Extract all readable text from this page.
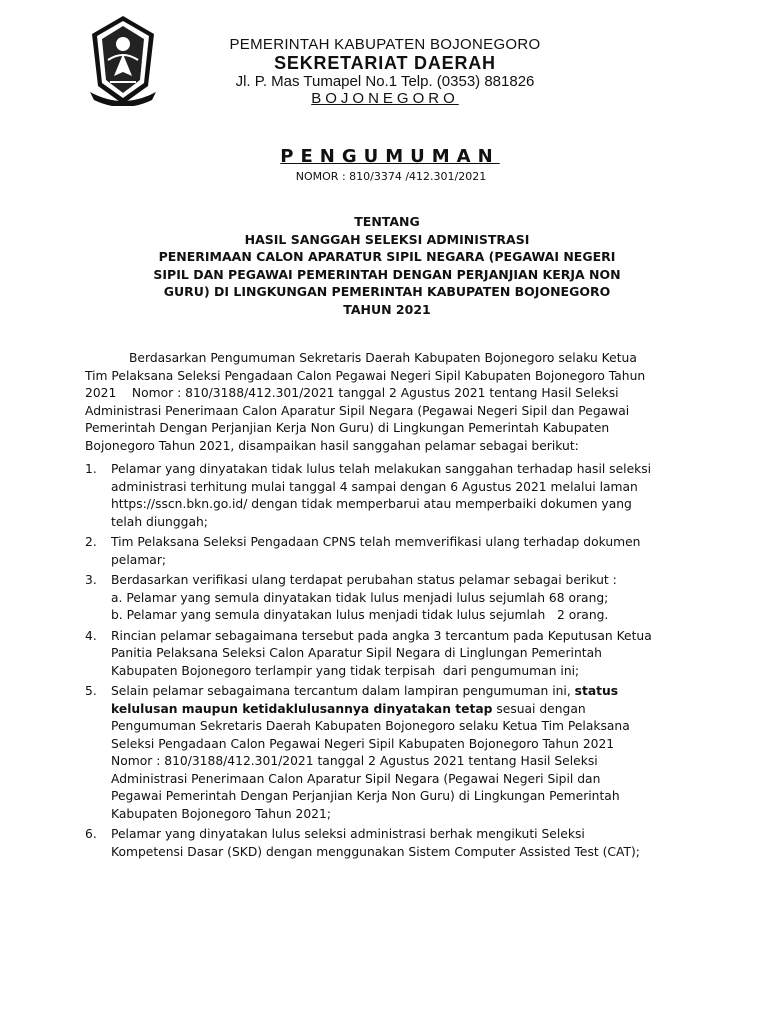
PEMERINTAH KABUPATEN BOJONEGORO
SEKRETARIAT DAERAH
Jl. P. Mas Tumapel No.1 Telp. (0353) 881826
BOJONEGORO
PENGUMUMAN
NOMOR : 810/3374 /412.301/2021
TENTANG
HASIL SANGGAH SELEKSI ADMINISTRASI
PENERIMAAN CALON APARATUR SIPIL NEGARA (PEGAWAI NEGERI
SIPIL DAN PEGAWAI PEMERINTAH DENGAN PERJANJIAN KERJA NON
GURU) DI LINGKUNGAN PEMERINTAH KABUPATEN BOJONEGORO
TAHUN 2021
Berdasarkan Pengumuman Sekretaris Daerah Kabupaten Bojonegoro selaku Ketua
Tim Pelaksana Seleksi Pengadaan Calon Pegawai Negeri Sipil Kabupaten Bojonegoro Tahun
2021    Nomor : 810/3188/412.301/2021 tanggal 2 Agustus 2021 tentang Hasil Seleksi
Administrasi Penerimaan Calon Aparatur Sipil Negara (Pegawai Negeri Sipil dan Pegawai
Pemerintah Dengan Perjanjian Kerja Non Guru) di Lingkungan Pemerintah Kabupaten
Bojonegoro Tahun 2021, disampaikan hasil sanggahan pelamar sebagai berikut:
1. Pelamar yang dinyatakan tidak lulus telah melakukan sanggahan terhadap hasil seleksi
administrasi terhitung mulai tanggal 4 sampai dengan 6 Agustus 2021 melalui laman
https://sscn.bkn.go.id/ dengan tidak memperbarui atau memperbaiki dokumen yang
telah diunggah;
2. Tim Pelaksana Seleksi Pengadaan CPNS telah memverifikasi ulang terhadap dokumen
pelamar;
3. Berdasarkan verifikasi ulang terdapat perubahan status pelamar sebagai berikut :
a. Pelamar yang semula dinyatakan tidak lulus menjadi lulus sejumlah 68 orang;
b. Pelamar yang semula dinyatakan lulus menjadi tidak lulus sejumlah   2 orang.
4. Rincian pelamar sebagaimana tersebut pada angka 3 tercantum pada Keputusan Ketua
Panitia Pelaksana Seleksi Calon Aparatur Sipil Negara di Linglungan Pemerintah
Kabupaten Bojonegoro terlampir yang tidak terpisah  dari pengumuman ini;
5. Selain pelamar sebagaimana tercantum dalam lampiran pengumuman ini, status
kelulusan maupun ketidaklulusannya dinyatakan tetap sesuai dengan
Pengumuman Sekretaris Daerah Kabupaten Bojonegoro selaku Ketua Tim Pelaksana
Seleksi Pengadaan Calon Pegawai Negeri Sipil Kabupaten Bojonegoro Tahun 2021
Nomor : 810/3188/412.301/2021 tanggal 2 Agustus 2021 tentang Hasil Seleksi
Administrasi Penerimaan Calon Aparatur Sipil Negara (Pegawai Negeri Sipil dan
Pegawai Pemerintah Dengan Perjanjian Kerja Non Guru) di Lingkungan Pemerintah
Kabupaten Bojonegoro Tahun 2021;
6. Pelamar yang dinyatakan lulus seleksi administrasi berhak mengikuti Seleksi
Kompetensi Dasar (SKD) dengan menggunakan Sistem Computer Assisted Test (CAT);
